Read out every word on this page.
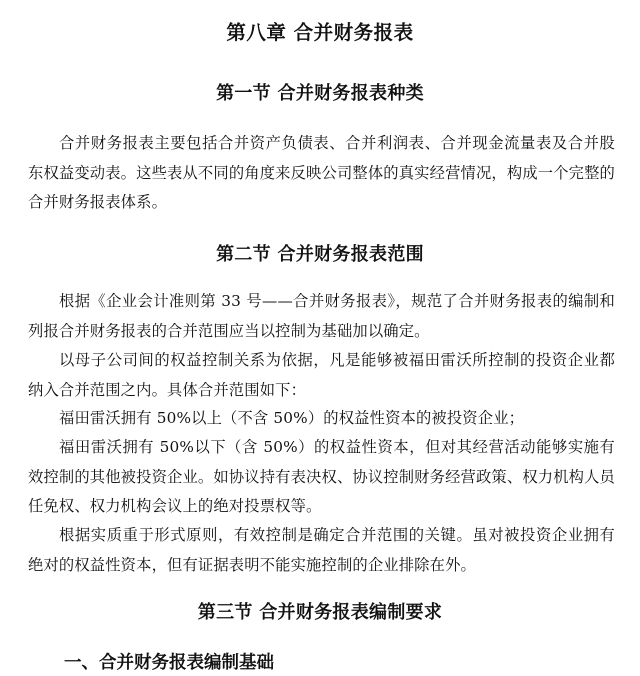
第八章 合并财务报表
第一节 合并财务报表种类

合并财务报表主要包括合并资产负债表、合并利润表、合并现金流量表及合并股东权益变动表。这些表从不同的角度来反映公司整体的真实经营情况，构成一个完整的合并财务报表体系。

第二节 合并财务报表范围

根据《企业会计准则第 33 号——合并财务报表》，规范了合并财务报表的编制和列报合并财务报表的合并范围应当以控制为基础加以确定。

以母子公司间的权益控制关系为依据，凡是能够被福田雷沃所控制的投资企业都纳入合并范围之内。具体合并范围如下：

福田雷沃拥有 50%以上（不含 50%）的权益性资本的被投资企业；

福田雷沃拥有 50%以下（含 50%）的权益性资本，但对其经营活动能够实施有效控制的其他被投资企业。如协议持有表决权、协议控制财务经营政策、权力机构人员任免权、权力机构会议上的绝对投票权等。

根据实质重于形式原则，有效控制是确定合并范围的关键。虽对被投资企业拥有绝对的权益性资本，但有证据表明不能实施控制的企业排除在外。

第三节 合并财务报表编制要求
一、合并财务报表编制基础
